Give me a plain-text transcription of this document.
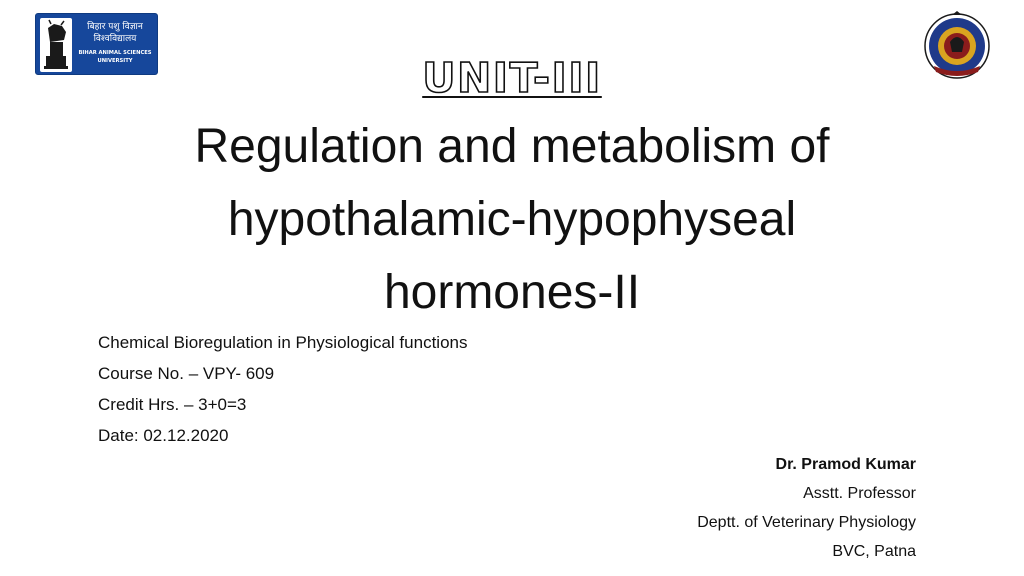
बिहार पशु विज्ञान
विश्वविद्यालय
BIHAR ANIMAL SCIENCES
UNIVERSITY	UNIT-III
Regulation and metabolism of
hypothalamic-hypophyseal
hormones-II
Chemical Bioregulation in Physiological functions
Course No. – VPY- 609
Credit Hrs. – 3+0=3
Date: 02.12.2020
Dr. Pramod Kumar
Asstt. Professor
Deptt. of Veterinary Physiology
BVC, Patna
